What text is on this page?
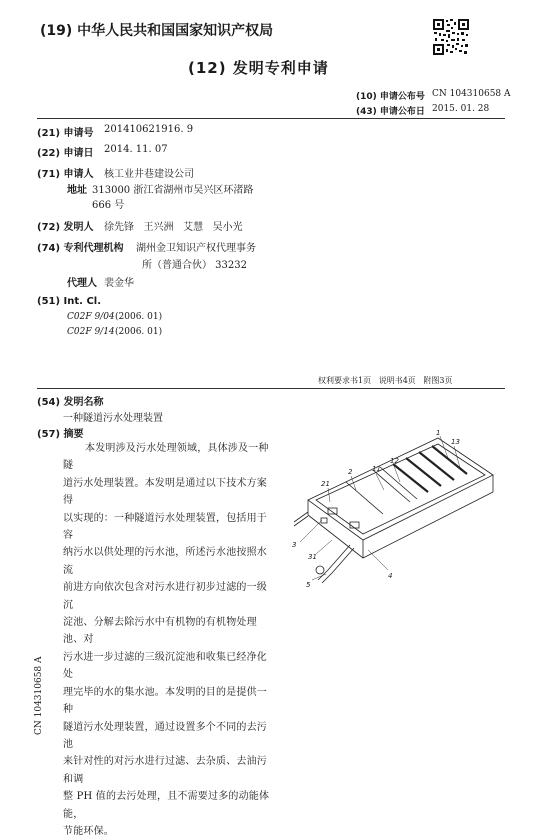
(19) 中华人民共和国国家知识产权局
(12) 发明专利申请
(10) 申请公布号 CN 104310658 A
(43) 申请公布日 2015. 01. 28
(21) 申请号 201410621916. 9
(22) 申请日 2014. 11. 07
(71) 申请人 核工业井巷建设公司
地址 313000 浙江省湖州市吴兴区环渚路
666 号
(72) 发明人 徐先锋   王兴洲   艾慧   吴小光
(74) 专利代理机构 湖州金卫知识产权代理事务
所（普通合伙） 33232
代理人 裴金华
(51) Int. Cl.
C02F 9/04 (2006. 01)
C02F 9/14 (2006. 01)
权利要求书1页   说明书4页   附图3页
(54) 发明名称
一种隧道污水处理装置
(57) 摘要
本发明涉及污水处理领域，具体涉及一种隧
道污水处理装置。本发明是通过以下技术方案得
以实现的：一种隧道污水处理装置，包括用于容
纳污水以供处理的污水池，所述污水池按照水流
前进方向依次包含对污水进行初步过滤的一级沉
淀池、分解去除污水中有机物的有机物处理池、对
污水进一步过滤的三级沉淀池和收集已经净化处
理完毕的水的集水池。本发明的目的是提供一种
隧道污水处理装置，通过设置多个不同的去污池
来针对性的对污水进行过滤、去杂质、去油污和调
整 PH 值的去污处理，且不需要过多的动能体能，
节能环保。
1
13
12
11
2
21
3
31
5
4
CN 104310658 A
